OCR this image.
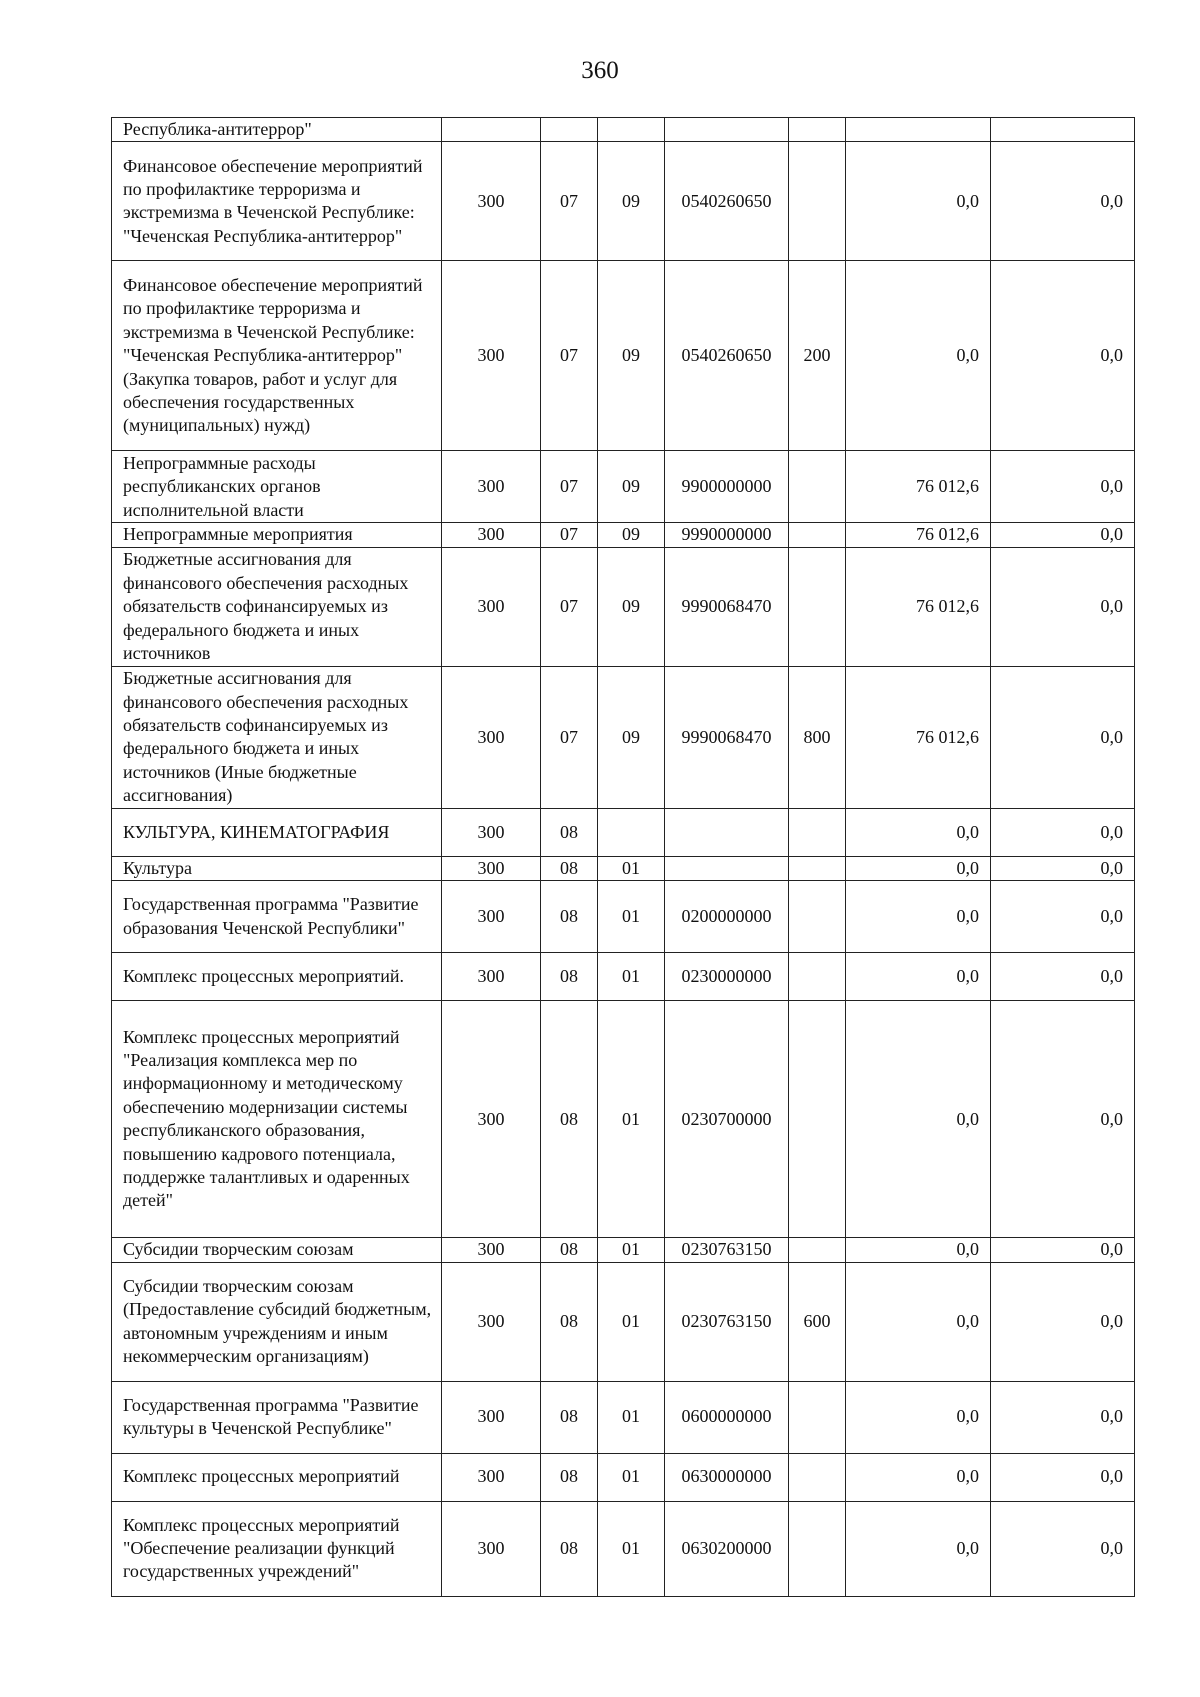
360
Республика-антитеррор"							
Финансовое обеспечение мероприятий по профилактике терроризма и экстремизма в Чеченской Республике: "Чеченская Республика-антитеррор"	300	07	09	0540260650		0,0	0,0
Финансовое обеспечение мероприятий по профилактике терроризма и экстремизма в Чеченской Республике: "Чеченская Республика-антитеррор" (Закупка товаров, работ и услуг для обеспечения государственных (муниципальных) нужд)	300	07	09	0540260650	200	0,0	0,0
Непрограммные расходы республиканских органов исполнительной власти	300	07	09	9900000000		76 012,6	0,0
Непрограммные мероприятия	300	07	09	9990000000		76 012,6	0,0
Бюджетные ассигнования для финансового обеспечения расходных обязательств софинансируемых из федерального бюджета и иных источников	300	07	09	9990068470		76 012,6	0,0
Бюджетные ассигнования для финансового обеспечения расходных обязательств софинансируемых из федерального бюджета и иных источников (Иные бюджетные ассигнования)	300	07	09	9990068470	800	76 012,6	0,0
КУЛЬТУРА, КИНЕМАТОГРАФИЯ	300	08				0,0	0,0
Культура	300	08	01			0,0	0,0
Государственная программа "Развитие образования Чеченской Республики"	300	08	01	0200000000		0,0	0,0
Комплекс процессных мероприятий.	300	08	01	0230000000		0,0	0,0
Комплекс процессных мероприятий "Реализация комплекса мер по информационному и методическому обеспечению модернизации системы республиканского образования, повышению кадрового потенциала, поддержке талантливых и одаренных детей"	300	08	01	0230700000		0,0	0,0
Субсидии творческим союзам	300	08	01	0230763150		0,0	0,0
Субсидии творческим союзам (Предоставление субсидий бюджетным, автономным учреждениям и иным некоммерческим организациям)	300	08	01	0230763150	600	0,0	0,0
Государственная программа "Развитие культуры в Чеченской Республике"	300	08	01	0600000000		0,0	0,0
Комплекс процессных мероприятий	300	08	01	0630000000		0,0	0,0
Комплекс процессных мероприятий "Обеспечение реализации функций государственных учреждений"	300	08	01	0630200000		0,0	0,0
